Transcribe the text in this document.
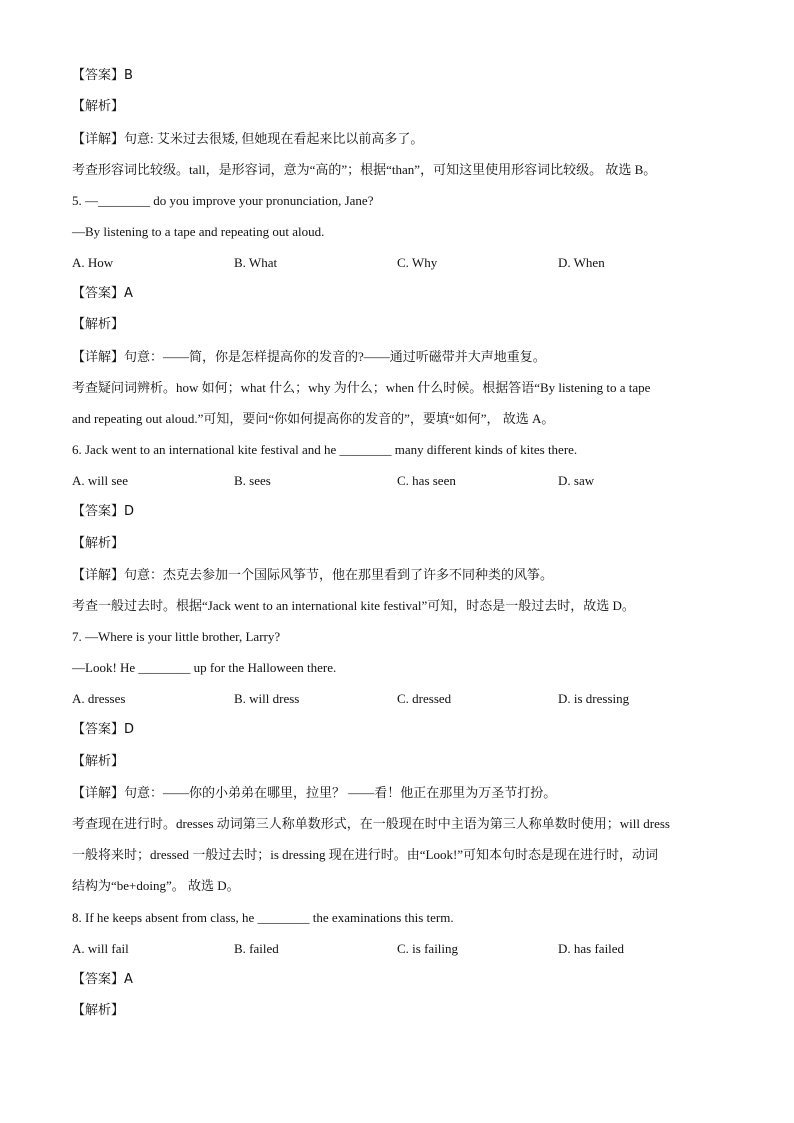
【答案】B
【解析】
【详解】句意: 艾米过去很矮, 但她现在看起来比以前高多了。
考查形容词比较级。tall，是形容词，意为“高的”；根据“than”，可知这里使用形容词比较级。 故选 B。
5. —________ do you improve your pronunciation, Jane?
—By listening to a tape and repeating out aloud.
A. How	B. What	C. Why	D. When
【答案】A
【解析】
【详解】句意：——简，你是怎样提高你的发音的?——通过听磁带并大声地重复。
考查疑问词辨析。how 如何；what 什么；why 为什么；when 什么时候。根据答语“By listening to a tape
and repeating out aloud.”可知，要问“你如何提高你的发音的”，要填“如何”， 故选 A。
6. Jack went to an international kite festival and he ________ many different kinds of kites there.
A. will see	B. sees	C. has seen	D. saw
【答案】D
【解析】
【详解】句意：杰克去参加一个国际风筝节，他在那里看到了许多不同种类的风筝。
考查一般过去时。根据“Jack went to an international kite festival”可知，时态是一般过去时，故选 D。
7. —Where is your little brother, Larry?
—Look! He ________ up for the Halloween there.
A. dresses	B. will dress	C. dressed	D. is dressing
【答案】D
【解析】
【详解】句意：——你的小弟弟在哪里，拉里？ ——看！他正在那里为万圣节打扮。
考查现在进行时。dresses 动词第三人称单数形式，在一般现在时中主语为第三人称单数时使用；will dress
一般将来时；dressed 一般过去时；is dressing 现在进行时。由“Look!”可知本句时态是现在进行时，动词
结构为“be+doing”。 故选 D。
8. If he keeps absent from class, he ________ the examinations this term.
A. will fail	B. failed	C. is failing	D. has failed
【答案】A
【解析】
